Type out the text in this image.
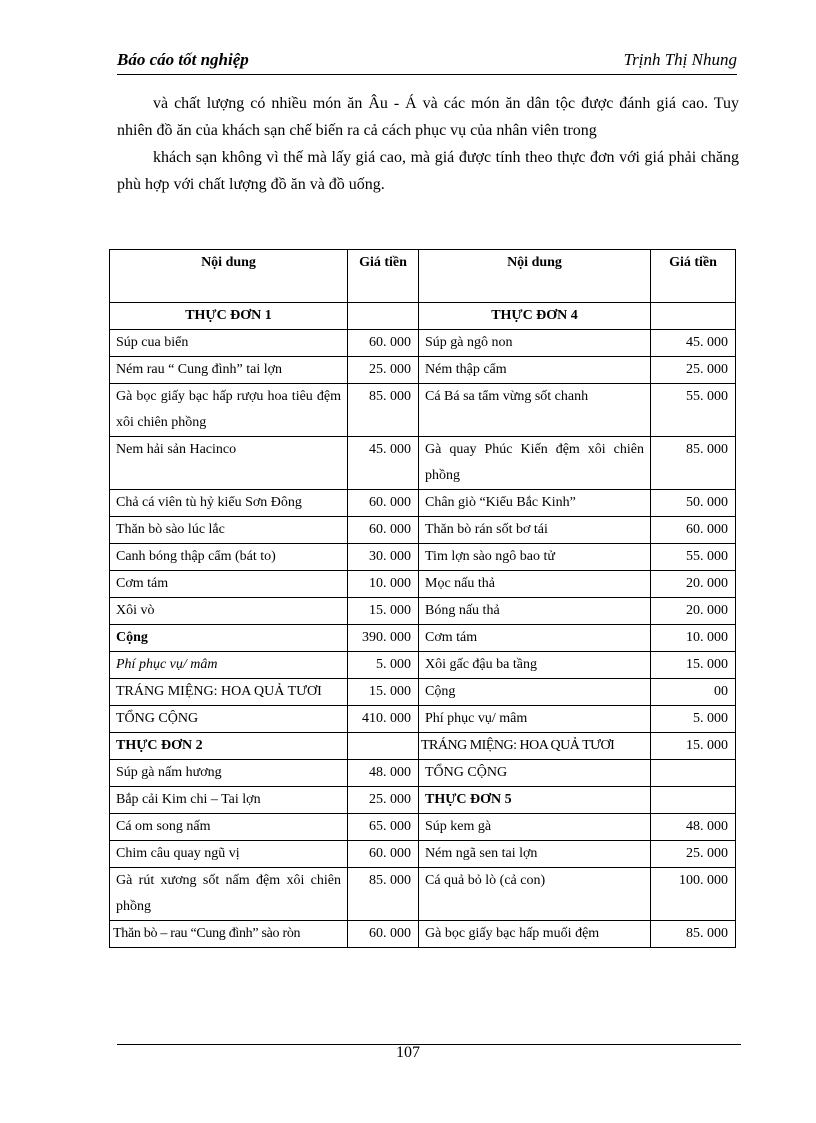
Báo cáo tốt nghiệp	Trịnh Thị Nhung

và chất lượng có nhiều món ăn Âu - Á và các món ăn dân tộc được đánh giá cao. Tuy nhiên đồ ăn của khách sạn chế biến ra cả cách phục vụ của nhân viên trong

khách sạn không vì thế mà lấy giá cao, mà giá được tính theo thực đơn với giá phải chăng phù hợp với chất lượng đồ ăn và đồ uống.

Nội dung	Giá tiền	Nội dung	Giá tiền
THỰC ĐƠN 1		THỰC ĐƠN 4	
Súp cua biển	60. 000	Súp gà ngô non	45. 000
Ném rau “ Cung đình” tai lợn	25. 000	Ném thập cẩm	25. 000
Gà bọc giấy bạc hấp rượu hoa tiêu đệm xôi chiên phồng	85. 000	Cá Bá sa tẩm vừng sốt chanh	55. 000
Nem hải sản Hacinco	45. 000	Gà quay Phúc Kiến đệm xôi chiên phồng	85. 000
Chả cá viên tù hỷ kiểu Sơn Đông	60. 000	Chân giò “Kiểu Bắc Kinh”	50. 000
Thăn bò sào lúc lắc	60. 000	Thăn bò rán sốt bơ tái	60. 000
Canh bóng thập cẩm (bát to)	30. 000	Tim lợn sào ngô bao tử	55. 000
Cơm tám	10. 000	Mọc nấu thả	20. 000
Xôi vò	15. 000	Bóng nấu thả	20. 000
Cộng	390. 000	Cơm tám	10. 000
Phí phục vụ/ mâm	5. 000	Xôi gấc đậu ba tầng	15. 000
TRÁNG MIỆNG: HOA QUẢ TƯƠI	15. 000	Cộng	00
TỔNG CỘNG	410. 000	Phí phục vụ/ mâm	5. 000
THỰC ĐƠN 2		TRÁNG MIỆNG: HOA QUẢ TƯƠI	15. 000
Súp gà nấm hương	48. 000	TỔNG CỘNG	
Bắp cải Kim chi – Tai lợn	25. 000	THỰC ĐƠN 5	
Cá om song nấm	65. 000	Súp kem gà	48. 000
Chim câu quay ngũ vị	60. 000	Ném ngã sen tai lợn	25. 000
Gà rút xương sốt nấm đệm xôi chiên phồng	85. 000	Cá quả bỏ lò (cả con)	100. 000
Thăn bò – rau “Cung đình” sào ròn	60. 000	Gà bọc giấy bạc hấp muối đệm	85. 000
107
